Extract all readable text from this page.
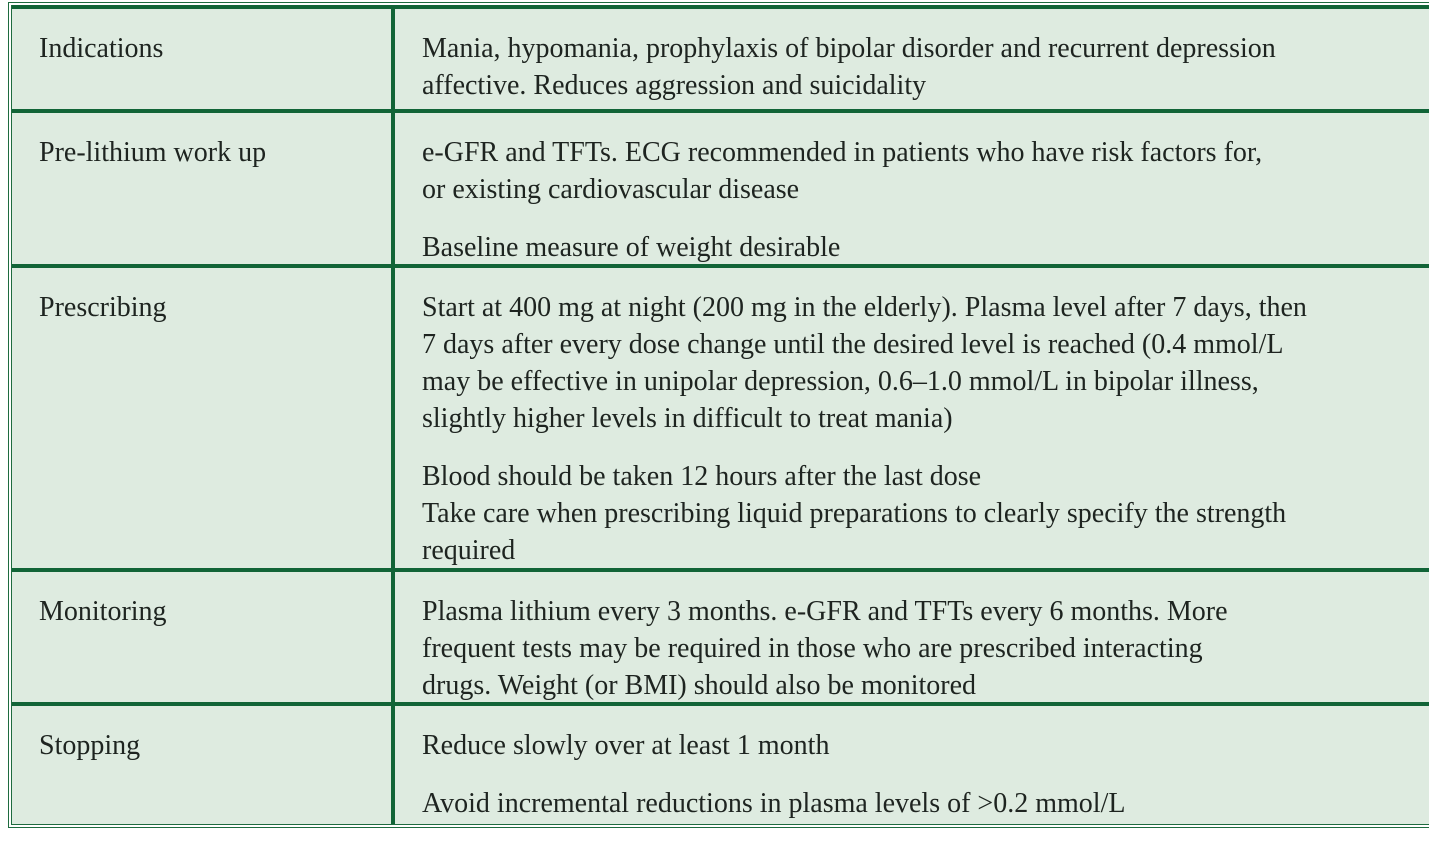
Indications	Mania, hypomania, prophylaxis of bipolar disorder and recurrent depression
affective. Reduces aggression and suicidality

Pre-lithium work up	e-GFR and TFTs. ECG recommended in patients who have risk factors for,
or existing cardiovascular disease

Baseline measure of weight desirable

Prescribing	Start at 400 mg at night (200 mg in the elderly). Plasma level after 7 days, then
7 days after every dose change until the desired level is reached (0.4 mmol/L
may be effective in unipolar depression, 0.6–1.0 mmol/L in bipolar illness,
slightly higher levels in difficult to treat mania)

Blood should be taken 12 hours after the last dose
Take care when prescribing liquid preparations to clearly specify the strength
required

Monitoring	Plasma lithium every 3 months. e-GFR and TFTs every 6 months. More
frequent tests may be required in those who are prescribed interacting
drugs. Weight (or BMI) should also be monitored

Stopping	Reduce slowly over at least 1 month

Avoid incremental reductions in plasma levels of >0.2 mmol/L
